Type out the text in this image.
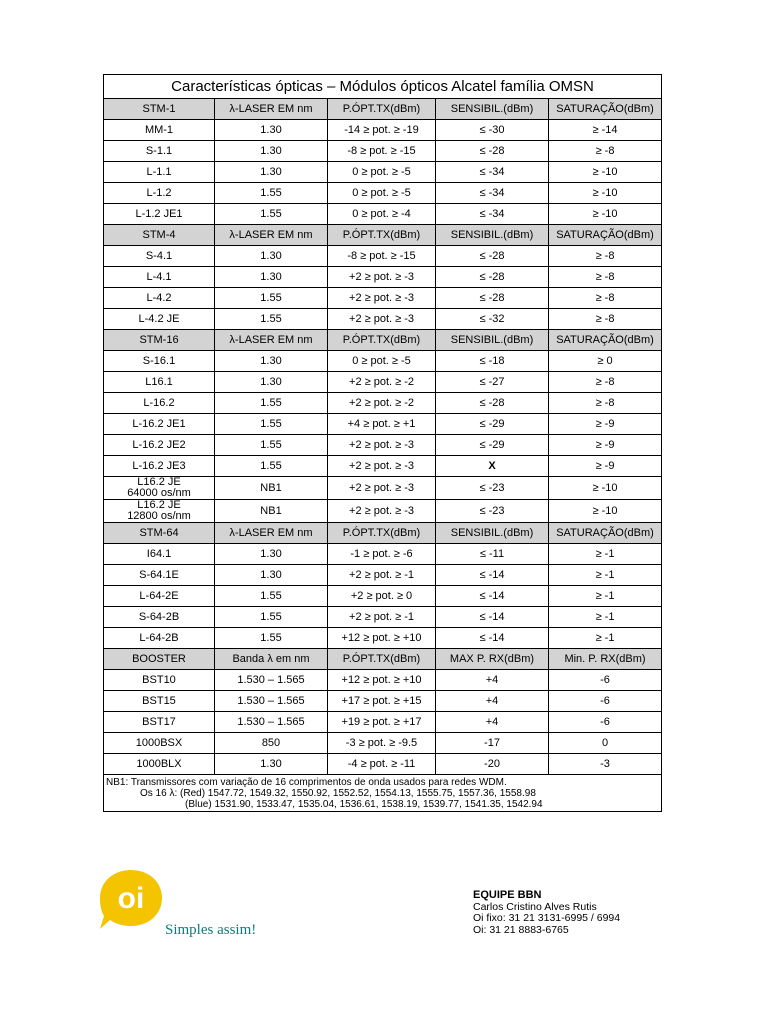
Características ópticas – Módulos ópticos Alcatel família OMSN				
STM-1	λ-LASER EM nm	P.ÓPT.TX(dBm)	SENSIBIL.(dBm)	SATURAÇÃO(dBm)
MM-1	1.30	-14 ≥ pot. ≥ -19	≤ -30	≥ -14
S-1.1	1.30	-8 ≥ pot. ≥ -15	≤ -28	≥ -8
L-1.1	1.30	0 ≥ pot. ≥ -5	≤ -34	≥ -10
L-1.2	1.55	0 ≥ pot. ≥ -5	≤ -34	≥ -10
L-1.2 JE1	1.55	0 ≥ pot. ≥ -4	≤ -34	≥ -10
STM-4	λ-LASER EM nm	P.ÓPT.TX(dBm)	SENSIBIL.(dBm)	SATURAÇÃO(dBm)
S-4.1	1.30	-8 ≥ pot. ≥ -15	≤ -28	≥ -8
L-4.1	1.30	+2 ≥ pot. ≥ -3	≤ -28	≥ -8
L-4.2	1.55	+2 ≥ pot. ≥ -3	≤ -28	≥ -8
L-4.2 JE	1.55	+2 ≥ pot. ≥ -3	≤ -32	≥ -8
STM-16	λ-LASER EM nm	P.ÓPT.TX(dBm)	SENSIBIL.(dBm)	SATURAÇÃO(dBm)
S-16.1	1.30	0 ≥ pot. ≥ -5	≤ -18	≥ 0
L16.1	1.30	+2 ≥ pot. ≥ -2	≤ -27	≥ -8
L-16.2	1.55	+2 ≥ pot. ≥ -2	≤ -28	≥ -8
L-16.2 JE1	1.55	+4 ≥ pot. ≥ +1	≤ -29	≥ -9
L-16.2 JE2	1.55	+2 ≥ pot. ≥ -3	≤ -29	≥ -9
L-16.2 JE3	1.55	+2 ≥ pot. ≥ -3	X	≥ -9
L16.2 JE
64000 os/nm	NB1	+2 ≥ pot. ≥ -3	≤ -23	≥ -10
L16.2 JE
12800 os/nm	NB1	+2 ≥ pot. ≥ -3	≤ -23	≥ -10
STM-64	λ-LASER EM nm	P.ÓPT.TX(dBm)	SENSIBIL.(dBm)	SATURAÇÃO(dBm)
I64.1	1.30	-1 ≥ pot. ≥ -6	≤ -11	≥ -1
S-64.1E	1.30	+2 ≥ pot. ≥ -1	≤ -14	≥ -1
L-64-2E	1.55	+2 ≥ pot. ≥ 0	≤ -14	≥ -1
S-64-2B	1.55	+2 ≥ pot. ≥ -1	≤ -14	≥ -1
L-64-2B	1.55	+12 ≥ pot. ≥ +10	≤ -14	≥ -1
BOOSTER	Banda λ em nm	P.ÓPT.TX(dBm)	MAX P. RX(dBm)	Min. P. RX(dBm)
BST10	1.530 – 1.565	+12 ≥ pot. ≥ +10	+4	-6
BST15	1.530 – 1.565	+17 ≥ pot. ≥ +15	+4	-6
BST17	1.530 – 1.565	+19 ≥ pot. ≥ +17	+4	-6
1000BSX	850	-3 ≥ pot. ≥ -9.5	-17	0
1000BLX	1.30	-4 ≥ pot. ≥ -11	-20	-3

NB1: Transmissores com variação de 16 comprimentos de onda usados para redes WDM.
Os 16 λ: (Red) 1547.72, 1549.32, 1550.92, 1552.52, 1554.13, 1555.75, 1557.36, 1558.98
(Blue) 1531.90, 1533.47, 1535.04, 1536.61, 1538.19, 1539.77, 1541.35, 1542.94				
oi
Simples assim!
EQUIPE BBN
Carlos Cristino Alves Rutis
Oi fixo: 31 21 3131-6995 / 6994
Oi: 31 21 8883-6765
